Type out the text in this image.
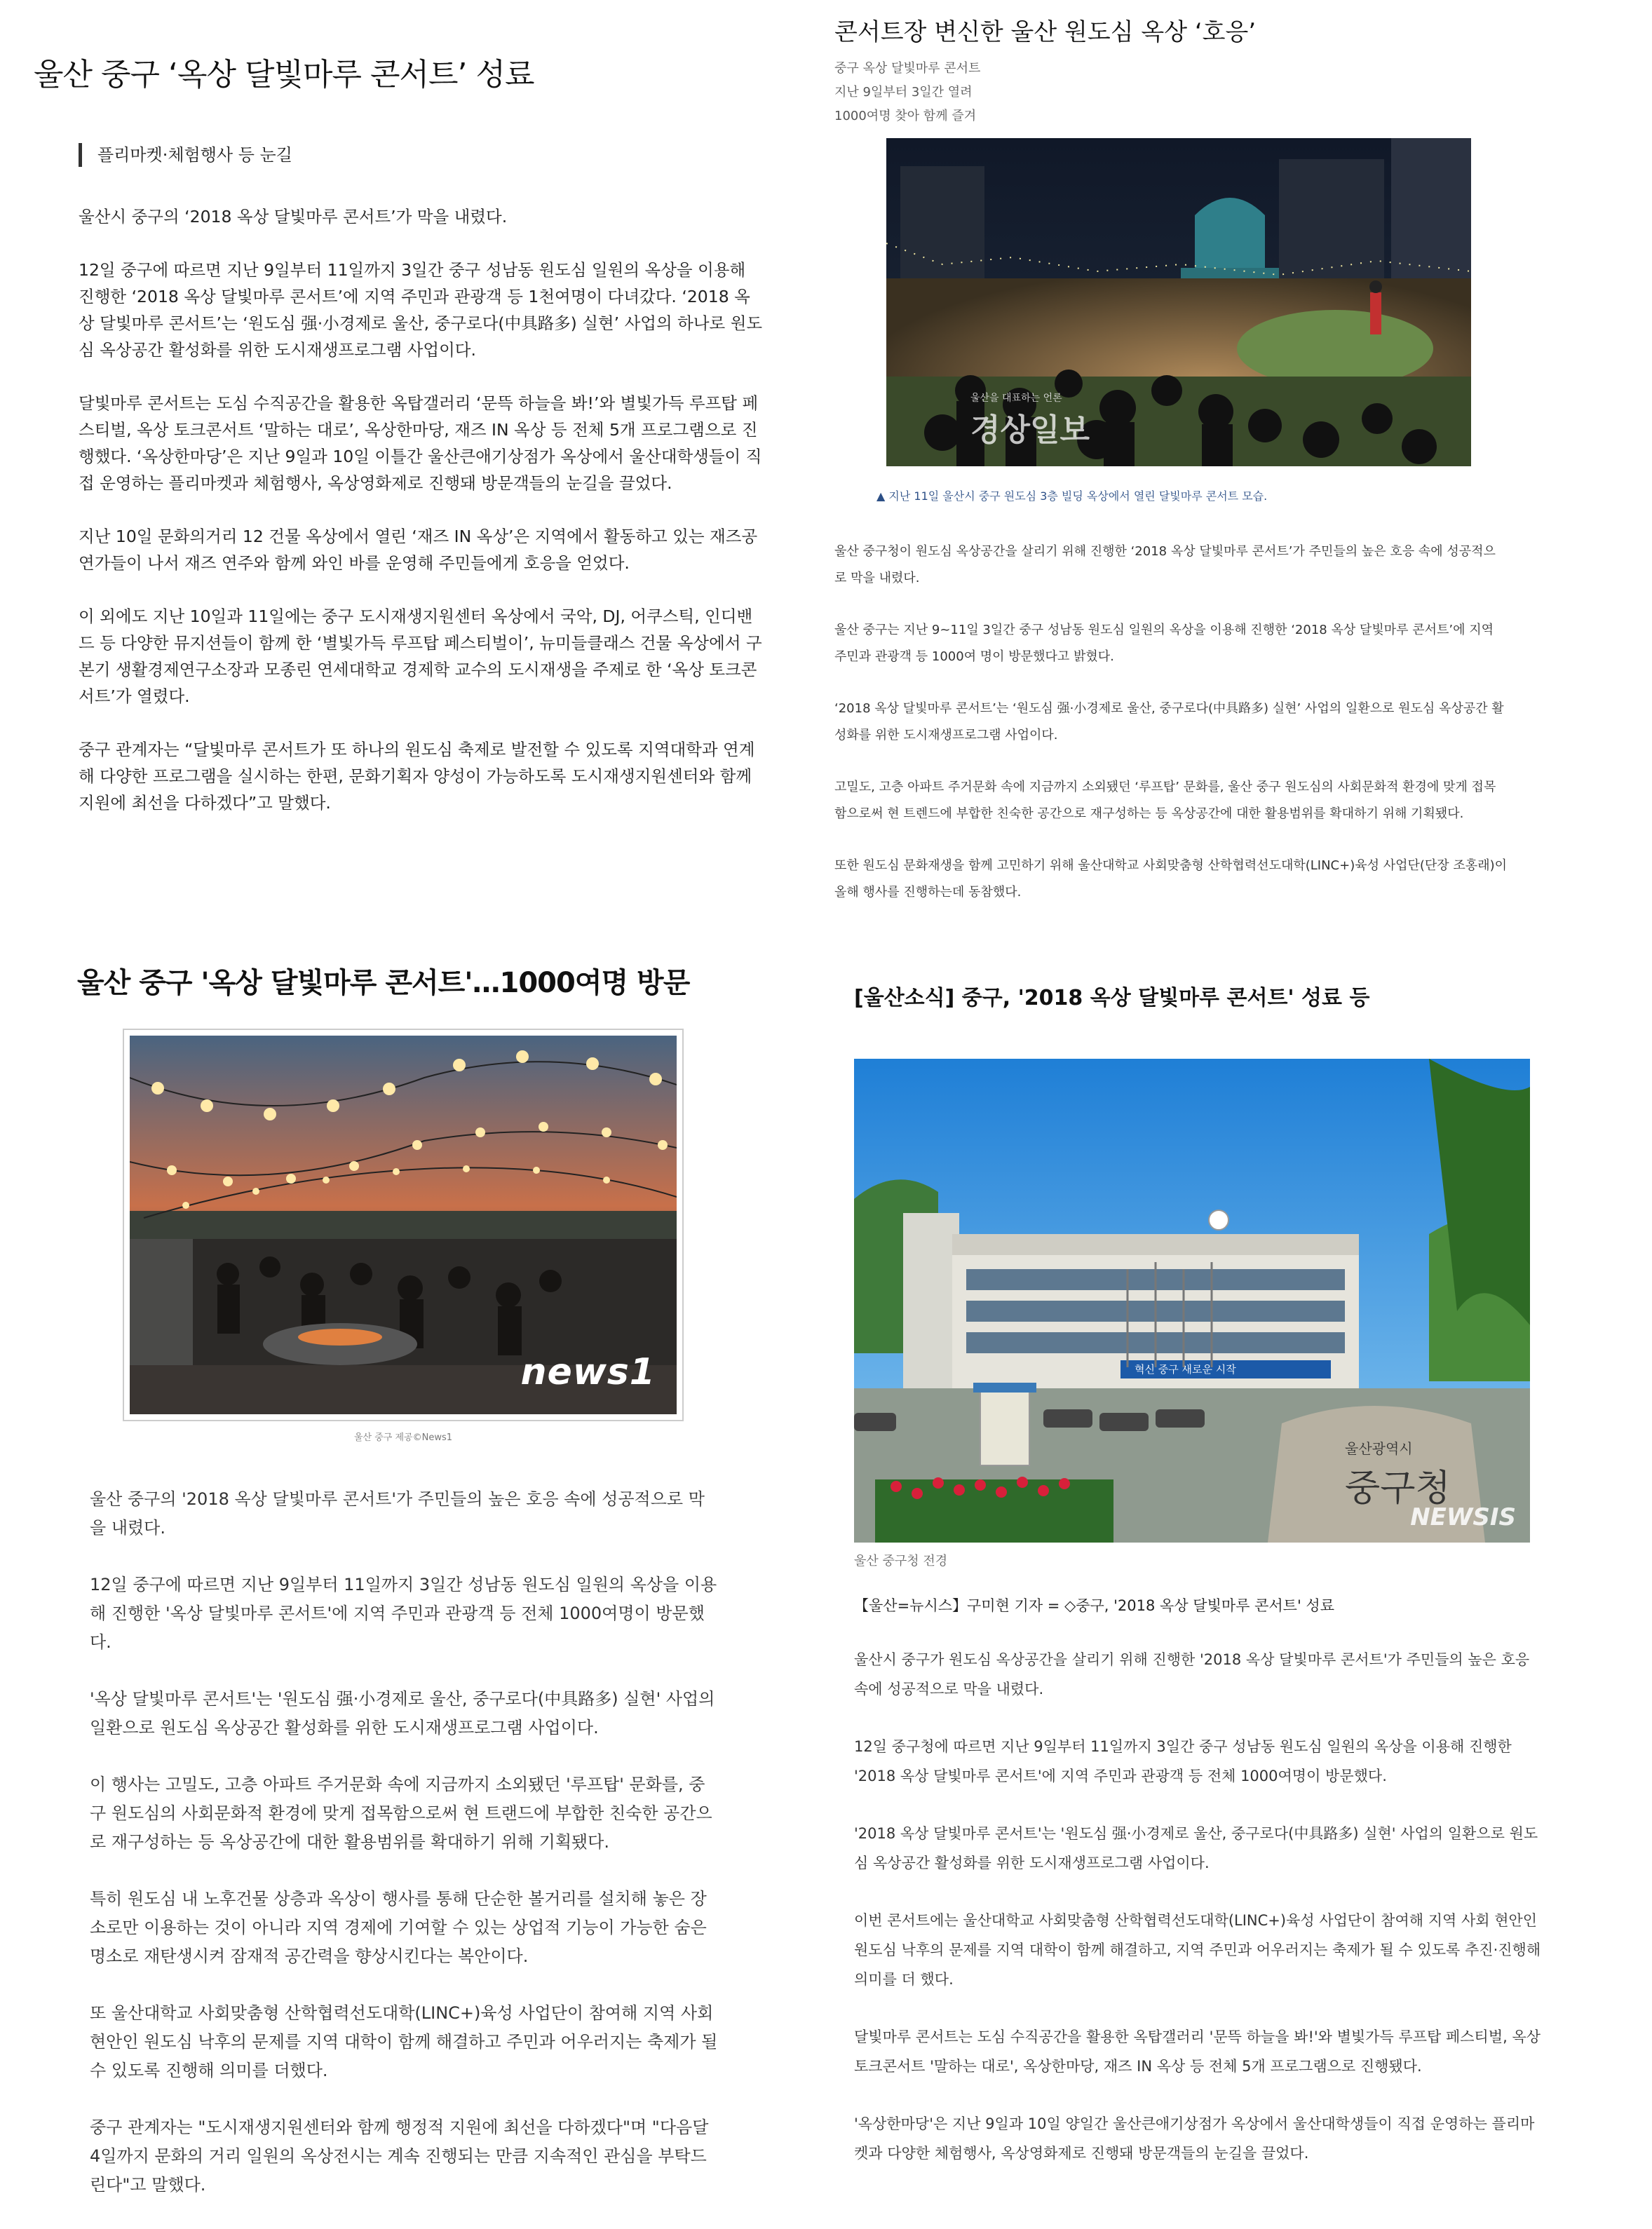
울산 중구 ‘옥상 달빛마루 콘서트’ 성료
플리마켓·체험행사 등 눈길

울산시 중구의 ‘2018 옥상 달빛마루 콘서트’가 막을 내렸다.

12일 중구에 따르면 지난 9일부터 11일까지 3일간 중구 성남동 원도심 일원의 옥상을 이용해 진행한 ‘2018 옥상 달빛마루 콘서트’에 지역 주민과 관광객 등 1천여명이 다녀갔다. ‘2018 옥상 달빛마루 콘서트’는 ‘원도심 强·小경제로 울산, 중구로다(中具路多) 실현’ 사업의 하나로 원도심 옥상공간 활성화를 위한 도시재생프로그램 사업이다.

달빛마루 콘서트는 도심 수직공간을 활용한 옥탑갤러리 ‘문뜩 하늘을 봐!’와 별빛가득 루프탑 페스티벌, 옥상 토크콘서트 ‘말하는 대로’, 옥상한마당, 재즈 IN 옥상 등 전체 5개 프로그램으로 진행했다. ‘옥상한마당’은 지난 9일과 10일 이틀간 울산큰애기상점가 옥상에서 울산대학생들이 직접 운영하는 플리마켓과 체험행사, 옥상영화제로 진행돼 방문객들의 눈길을 끌었다.

지난 10일 문화의거리 12 건물 옥상에서 열린 ‘재즈 IN 옥상’은 지역에서 활동하고 있는 재즈공연가들이 나서 재즈 연주와 함께 와인 바를 운영해 주민들에게 호응을 얻었다.

이 외에도 지난 10일과 11일에는 중구 도시재생지원센터 옥상에서 국악, DJ, 어쿠스틱, 인디밴드 등 다양한 뮤지션들이 함께 한 ‘별빛가득 루프탑 페스티벌이’, 뉴미들클래스 건물 옥상에서 구본기 생활경제연구소장과 모종린 연세대학교 경제학 교수의 도시재생을 주제로 한 ‘옥상 토크콘서트’가 열렸다.

중구 관계자는 “달빛마루 콘서트가 또 하나의 원도심 축제로 발전할 수 있도록 지역대학과 연계해 다양한 프로그램을 실시하는 한편, 문화기획자 양성이 가능하도록 도시재생지원센터와 함께 지원에 최선을 다하겠다”고 말했다.

콘서트장 변신한 울산 원도심 옥상 ‘호응’
중구 옥상 달빛마루 콘서트
지난 9일부터 3일간 열려
1000여명 찾아 함께 즐겨
울산을 대표하는 언론
경상일보
▲ 지난 11일 울산시 중구 원도심 3층 빌딩 옥상에서 열린 달빛마루 콘서트 모습.

울산 중구청이 원도심 옥상공간을 살리기 위해 진행한 ‘2018 옥상 달빛마루 콘서트’가 주민들의 높은 호응 속에 성공적으로 막을 내렸다.

울산 중구는 지난 9~11일 3일간 중구 성남동 원도심 일원의 옥상을 이용해 진행한 ‘2018 옥상 달빛마루 콘서트’에 지역 주민과 관광객 등 1000여 명이 방문했다고 밝혔다.

‘2018 옥상 달빛마루 콘서트’는 ‘원도심 强·小경제로 울산, 중구로다(中具路多) 실현’ 사업의 일환으로 원도심 옥상공간 활성화를 위한 도시재생프로그램 사업이다.

고밀도, 고층 아파트 주거문화 속에 지금까지 소외됐던 ‘루프탑’ 문화를, 울산 중구 원도심의 사회문화적 환경에 맞게 접목함으로써 현 트렌드에 부합한 친숙한 공간으로 재구성하는 등 옥상공간에 대한 활용범위를 확대하기 위해 기획됐다.

또한 원도심 문화재생을 함께 고민하기 위해 울산대학교 사회맞춤형 산학협력선도대학(LINC+)육성 사업단(단장 조홍래)이 올해 행사를 진행하는데 동참했다.

울산 중구 '옥상 달빛마루 콘서트'…1000여명 방문
news1
울산 중구 제공©News1

울산 중구의 '2018 옥상 달빛마루 콘서트'가 주민들의 높은 호응 속에 성공적으로 막을 내렸다.

12일 중구에 따르면 지난 9일부터 11일까지 3일간 성남동 원도심 일원의 옥상을 이용해 진행한 '옥상 달빛마루 콘서트'에 지역 주민과 관광객 등 전체 1000여명이 방문했다.

'옥상 달빛마루 콘서트'는 '원도심 强·小경제로 울산, 중구로다(中具路多) 실현' 사업의 일환으로 원도심 옥상공간 활성화를 위한 도시재생프로그램 사업이다.

이 행사는 고밀도, 고층 아파트 주거문화 속에 지금까지 소외됐던 '루프탑' 문화를, 중구 원도심의 사회문화적 환경에 맞게 접목함으로써 현 트랜드에 부합한 친숙한 공간으로 재구성하는 등 옥상공간에 대한 활용범위를 확대하기 위해 기획됐다.

특히 원도심 내 노후건물 상층과 옥상이 행사를 통해 단순한 볼거리를 설치해 놓은 장소로만 이용하는 것이 아니라 지역 경제에 기여할 수 있는 상업적 기능이 가능한 숨은 명소로 재탄생시켜 잠재적 공간력을 향상시킨다는 복안이다.

또 울산대학교 사회맞춤형 산학협력선도대학(LINC+)육성 사업단이 참여해 지역 사회 현안인 원도심 낙후의 문제를 지역 대학이 함께 해결하고 주민과 어우러지는 축제가 될 수 있도록 진행해 의미를 더했다.

중구 관계자는 "도시재생지원센터와 함께 행정적 지원에 최선을 다하겠다"며 "다음달 4일까지 문화의 거리 일원의 옥상전시는 계속 진행되는 만큼 지속적인 관심을 부탁드린다"고 말했다.

[울산소식] 중구, '2018 옥상 달빛마루 콘서트' 성료 등
혁신 중구 새로운 시작
울산광역시
중구청
NEWSIS
울산 중구청 전경
【울산=뉴시스】구미현 기자 = ◇중구, '2018 옥상 달빛마루 콘서트' 성료

울산시 중구가 원도심 옥상공간을 살리기 위해 진행한 '2018 옥상 달빛마루 콘서트'가 주민들의 높은 호응 속에 성공적으로 막을 내렸다.

12일 중구청에 따르면 지난 9일부터 11일까지 3일간 중구 성남동 원도심 일원의 옥상을 이용해 진행한 '2018 옥상 달빛마루 콘서트'에 지역 주민과 관광객 등 전체 1000여명이 방문했다.

'2018 옥상 달빛마루 콘서트'는 '원도심 强·小경제로 울산, 중구로다(中具路多) 실현' 사업의 일환으로 원도심 옥상공간 활성화를 위한 도시재생프로그램 사업이다.

이번 콘서트에는 울산대학교 사회맞춤형 산학협력선도대학(LINC+)육성 사업단이 참여해 지역 사회 현안인 원도심 낙후의 문제를 지역 대학이 함께 해결하고, 지역 주민과 어우러지는 축제가 될 수 있도록 추진·진행해 의미를 더 했다.

달빛마루 콘서트는 도심 수직공간을 활용한 옥탑갤러리 '문뜩 하늘을 봐!'와 별빛가득 루프탑 페스티벌, 옥상 토크콘서트 '말하는 대로', 옥상한마당, 재즈 IN 옥상 등 전체 5개 프로그램으로 진행됐다.

'옥상한마당'은 지난 9일과 10일 양일간 울산큰애기상점가 옥상에서 울산대학생들이 직접 운영하는 플리마켓과 다양한 체험행사, 옥상영화제로 진행돼 방문객들의 눈길을 끌었다.
